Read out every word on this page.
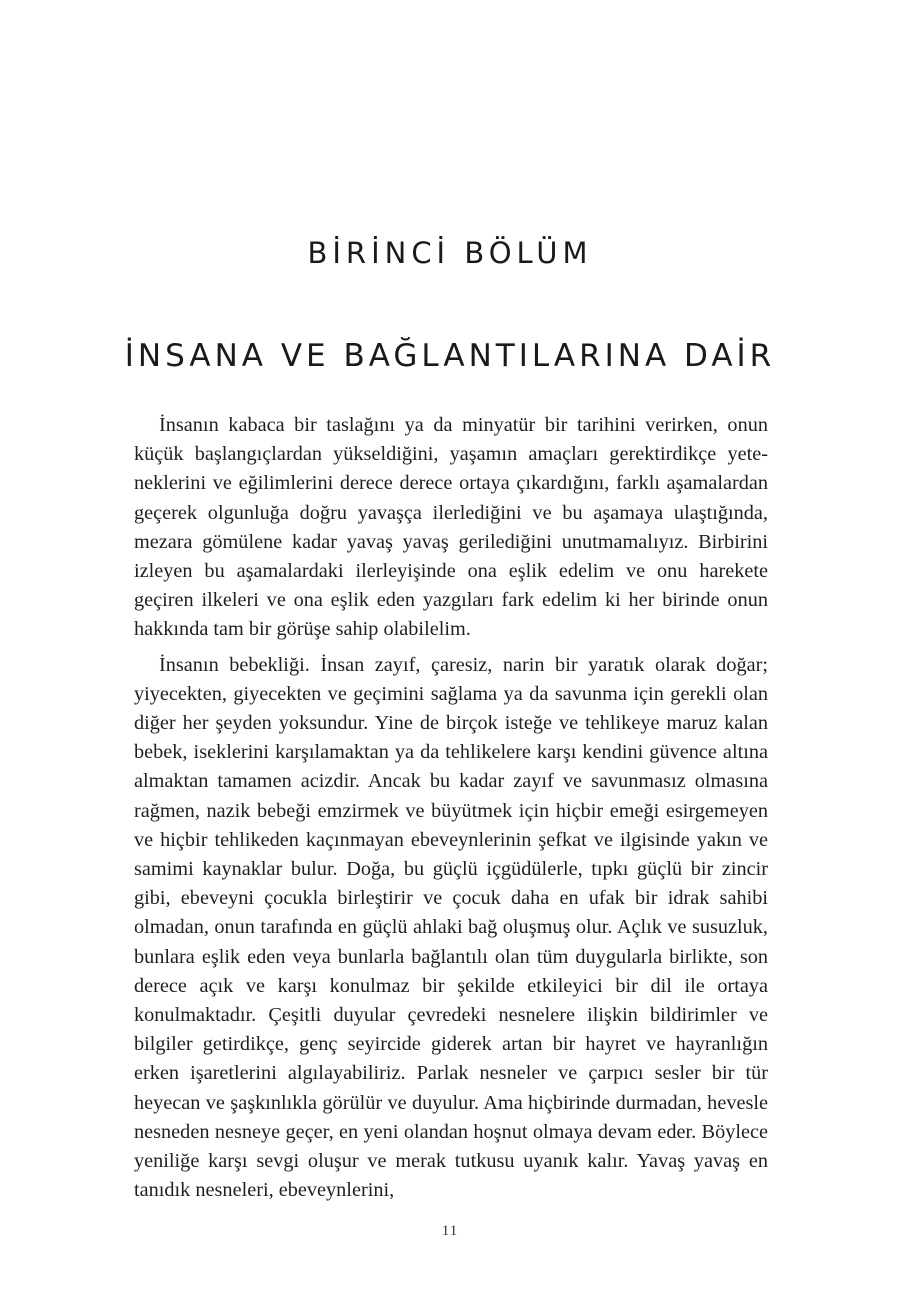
BİRİNCİ BÖLÜM
İNSANA VE BAĞLANTILARINA DAİR

İnsanın kabaca bir taslağını ya da minyatür bir tarihini verirken, onun küçük başlangıçlardan yükseldiğini, yaşamın amaçları gerektirdikçe yeteneklerini ve eğilimlerini derece derece ortaya çıkardığını, farklı aşamalardan geçerek olgunluğa doğru yavaşça ilerlediğini ve bu aşamaya ulaştığında, mezara gömülene kadar yavaş yavaş gerilediğini unutmamalıyız. Birbirini izleyen bu aşamalardaki ilerleyişinde ona eşlik edelim ve onu harekete geçiren ilkeleri ve ona eşlik eden yazgıları fark edelim ki her birinde onun hakkında tam bir görüşe sahip olabilelim.

İnsanın bebekliği. İnsan zayıf, çaresiz, narin bir yaratık olarak doğar; yiyecekten, giyecekten ve geçimini sağlama ya da savunma için gerekli olan diğer her şeyden yoksundur. Yine de birçok isteğe ve tehlikeye maruz kalan bebek, iseklerini karşılamaktan ya da tehlikelere karşı kendini güvence altına almaktan tamamen acizdir. Ancak bu kadar zayıf ve savunmasız olmasına rağmen, nazik bebeği emzirmek ve büyütmek için hiçbir emeği esirgemeyen ve hiçbir tehlikeden kaçınmayan ebeveynlerinin şefkat ve ilgisinde yakın ve samimi kaynaklar bulur. Doğa, bu güçlü içgüdülerle, tıpkı güçlü bir zincir gibi, ebeveyni çocukla birleştirir ve çocuk daha en ufak bir idrak sahibi olmadan, onun tarafında en güçlü ahlaki bağ oluşmuş olur. Açlık ve susuzluk, bunlara eşlik eden veya bunlarla bağlantılı olan tüm duygularla birlikte, son derece açık ve karşı konulmaz bir şekilde etkileyici bir dil ile ortaya konulmaktadır. Çeşitli duyular çevredeki nesnelere ilişkin bildirimler ve bilgiler getirdikçe, genç seyircide giderek artan bir hayret ve hayranlığın erken işaretlerini algılayabiliriz. Parlak nesneler ve çarpıcı sesler bir tür heyecan ve şaşkınlıkla görülür ve duyulur. Ama hiçbirinde durmadan, hevesle nesneden nesneye geçer, en yeni olandan hoşnut olmaya devam eder. Böylece yeniliğe karşı sevgi oluşur ve merak tutkusu uyanık kalır. Yavaş yavaş en tanıdık nesneleri, ebeveynlerini,

11
